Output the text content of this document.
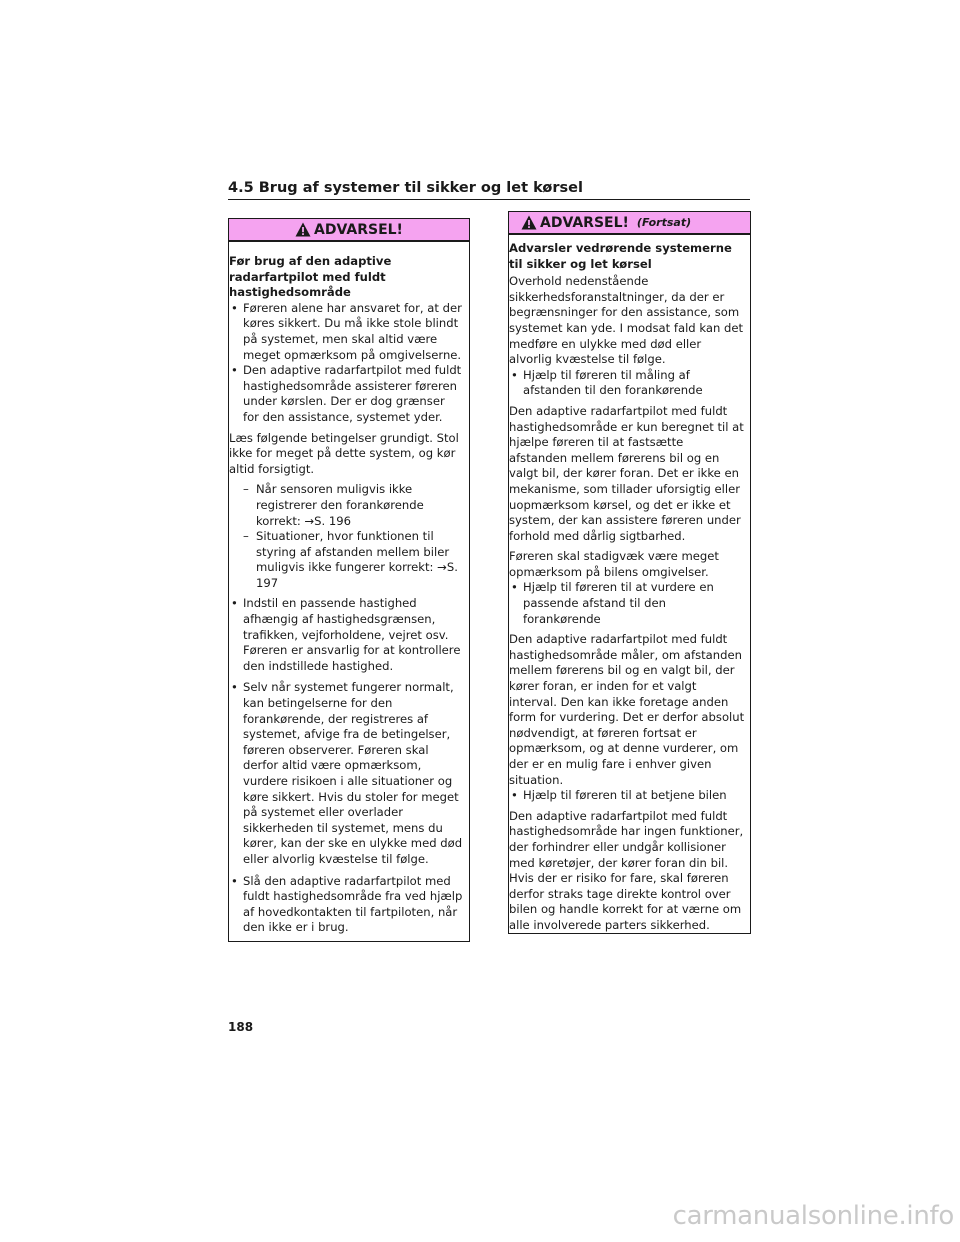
4.5 Brug af systemer til sikker og let kørsel
ADVARSEL!

Før brug af den adaptive radarfartpilot med fuldt hastighedsområde

• Føreren alene har ansvaret for, at der køres sikkert. Du må ikke stole blindt på systemet, men skal altid være meget opmærksom på omgivelserne.
• Den adaptive radarfartpilot med fuldt hastighedsområde assisterer føreren under kørslen. Der er dog grænser for den assistance, systemet yder.

Læs følgende betingelser grundigt. Stol ikke for meget på dette system, og kør altid forsigtigt.

– Når sensoren muligvis ikke registrerer den forankørende korrekt: →S. 196
– Situationer, hvor funktionen til styring af afstanden mellem biler muligvis ikke fungerer korrekt: →S. 197
• Indstil en passende hastighed afhængig af hastighedsgrænsen, trafikken, vejforholdene, vejret osv. Føreren er ansvarlig for at kontrollere den indstillede hastighed.
• Selv når systemet fungerer normalt, kan betingelserne for den forankørende, der registreres af systemet, afvige fra de betingelser, føreren observerer. Føreren skal derfor altid være opmærksom, vurdere risikoen i alle situationer og køre sikkert. Hvis du stoler for meget på systemet eller overlader sikkerheden til systemet, mens du kører, kan der ske en ulykke med død eller alvorlig kvæstelse til følge.
• Slå den adaptive radarfartpilot med fuldt hastighedsområde fra ved hjælp af hovedkontakten til fartpiloten, når den ikke er i brug.
ADVARSEL! (Fortsat)

Advarsler vedrørende systemerne til sikker og let kørsel

Overhold nedenstående sikkerhedsforanstaltninger, da der er begrænsninger for den assistance, som systemet kan yde. I modsat fald kan det medføre en ulykke med død eller alvorlig kvæstelse til følge.

• Hjælp til føreren til måling af afstanden til den forankørende

Den adaptive radarfartpilot med fuldt hastighedsområde er kun beregnet til at hjælpe føreren til at fastsætte afstanden mellem førerens bil og en valgt bil, der kører foran. Det er ikke en mekanisme, som tillader uforsigtig eller uopmærksom kørsel, og det er ikke et system, der kan assistere føreren under forhold med dårlig sigtbarhed.

Føreren skal stadigvæk være meget opmærksom på bilens omgivelser.

• Hjælp til føreren til at vurdere en passende afstand til den forankørende

Den adaptive radarfartpilot med fuldt hastighedsområde måler, om afstanden mellem førerens bil og en valgt bil, der kører foran, er inden for et valgt interval. Den kan ikke foretage anden form for vurdering. Det er derfor absolut nødvendigt, at føreren fortsat er opmærksom, og at denne vurderer, om der er en mulig fare i enhver given situation.

• Hjælp til føreren til at betjene bilen

Den adaptive radarfartpilot med fuldt hastighedsområde har ingen funktioner, der forhindrer eller undgår kollisioner med køretøjer, der kører foran din bil. Hvis der er risiko for fare, skal føreren derfor straks tage direkte kontrol over bilen og handle korrekt for at værne om alle involverede parters sikkerhed.

188
carmanualsonline.info
